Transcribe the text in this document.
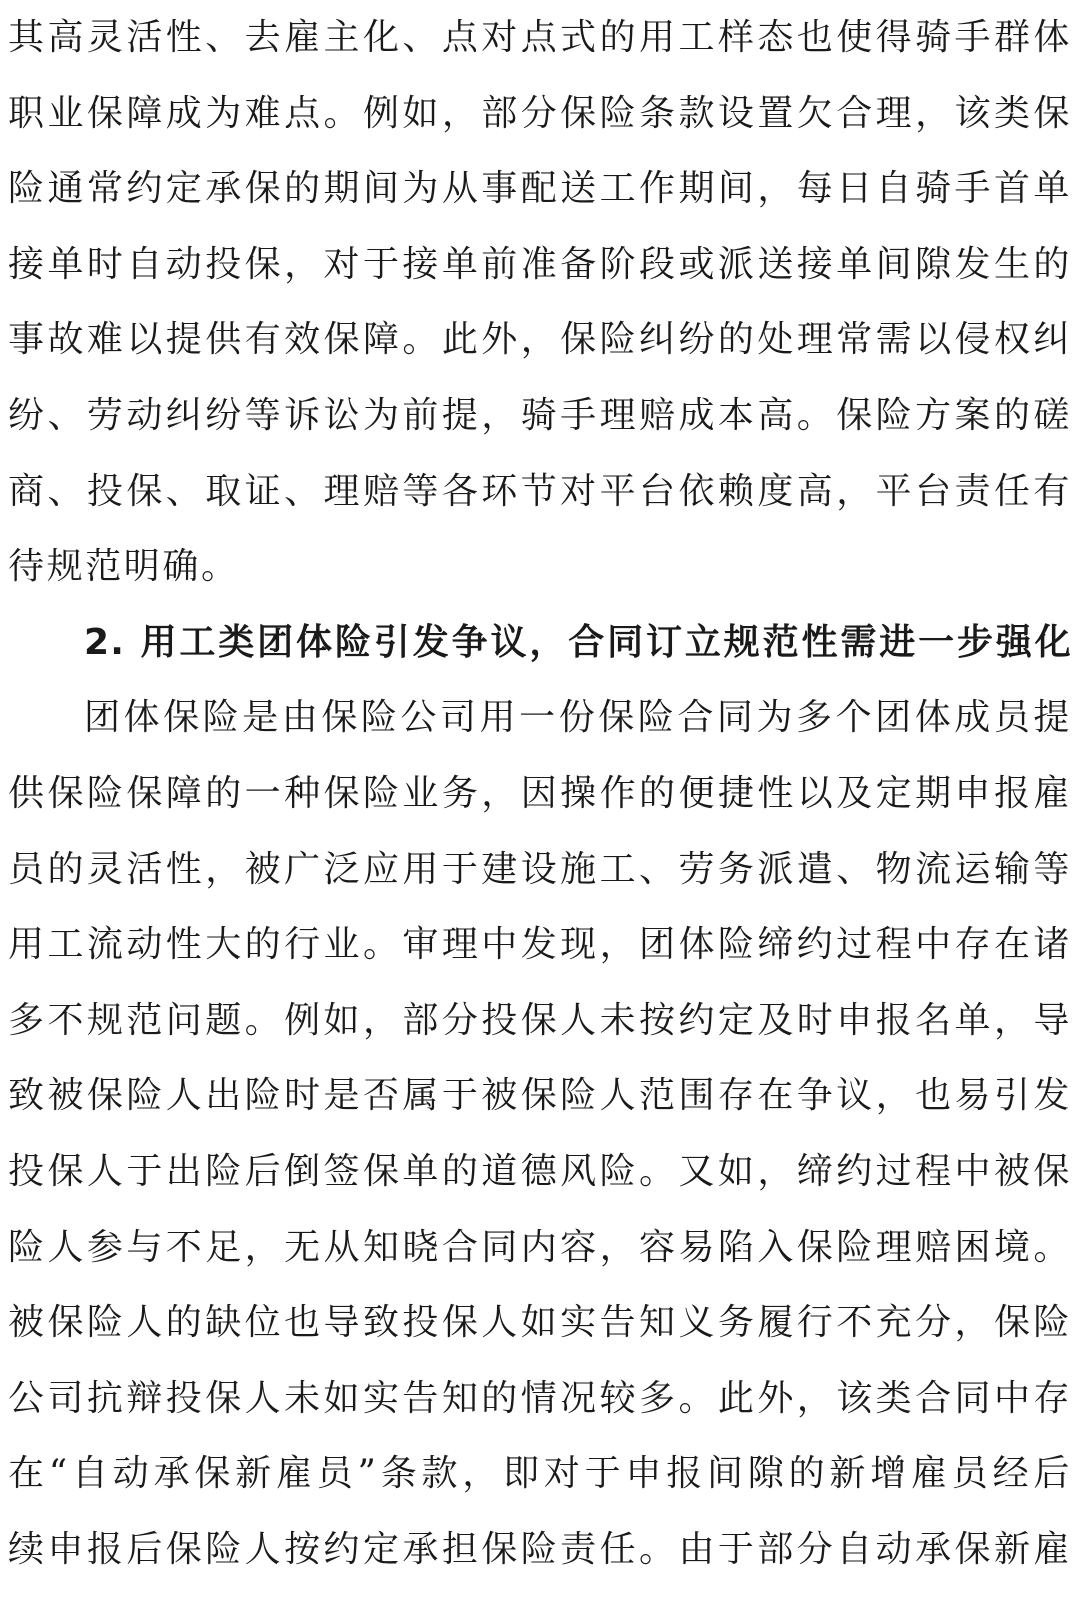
其高灵活性、去雇主化、点对点式的用工样态也使得骑手群体
职业保障成为难点。例如，部分保险条款设置欠合理，该类保
险通常约定承保的期间为从事配送工作期间，每日自骑手首单
接单时自动投保，对于接单前准备阶段或派送接单间隙发生的
事故难以提供有效保障。此外，保险纠纷的处理常需以侵权纠
纷、劳动纠纷等诉讼为前提，骑手理赔成本高。保险方案的磋
商、投保、取证、理赔等各环节对平台依赖度高，平台责任有
待规范明确。
2. 用工类团体险引发争议，合同订立规范性需进一步强化
团体保险是由保险公司用一份保险合同为多个团体成员提
供保险保障的一种保险业务，因操作的便捷性以及定期申报雇
员的灵活性，被广泛应用于建设施工、劳务派遣、物流运输等
用工流动性大的行业。审理中发现，团体险缔约过程中存在诸
多不规范问题。例如，部分投保人未按约定及时申报名单，导
致被保险人出险时是否属于被保险人范围存在争议，也易引发
投保人于出险后倒签保单的道德风险。又如，缔约过程中被保
险人参与不足，无从知晓合同内容，容易陷入保险理赔困境。
被保险人的缺位也导致投保人如实告知义务履行不充分，保险
公司抗辩投保人未如实告知的情况较多。此外，该类合同中存
在“自动承保新雇员”条款，即对于申报间隙的新增雇员经后
续申报后保险人按约定承担保险责任。由于部分自动承保新雇
